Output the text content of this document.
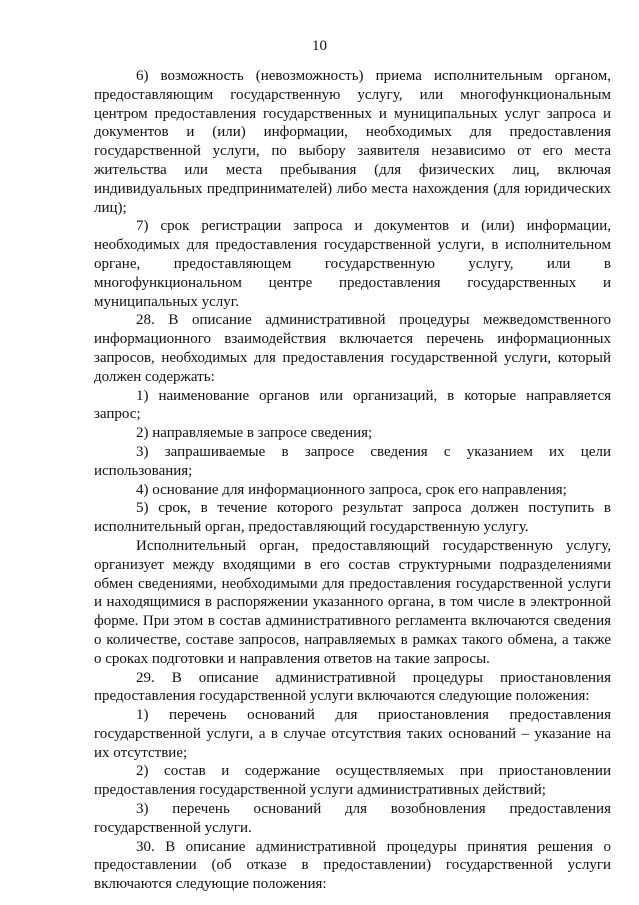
10

6) возможность (невозможность) приема исполнительным органом, предоставляющим государственную услугу, или многофункциональным центром предоставления государственных и муниципальных услуг запроса и документов и (или) информации, необходимых для предоставления государственной услуги, по выбору заявителя независимо от его места жительства или места пребывания (для физических лиц, включая индивидуальных предпринимателей) либо места нахождения (для юридических лиц);

7) срок регистрации запроса и документов и (или) информации, необходимых для предоставления государственной услуги, в исполнительном органе, предоставляющем государственную услугу, или в многофункциональном центре предоставления государственных и муниципальных услуг.

28. В описание административной процедуры межведомственного информационного взаимодействия включается перечень информационных запросов, необходимых для предоставления государственной услуги, который должен содержать:

1) наименование органов или организаций, в которые направляется запрос;

2) направляемые в запросе сведения;

3) запрашиваемые в запросе сведения с указанием их цели использования;

4) основание для информационного запроса, срок его направления;

5) срок, в течение которого результат запроса должен поступить в исполнительный орган, предоставляющий государственную услугу.

Исполнительный орган, предоставляющий государственную услугу, организует между входящими в его состав структурными подразделениями обмен сведениями, необходимыми для предоставления государственной услуги и находящимися в распоряжении указанного органа, в том числе в электронной форме. При этом в состав административного регламента включаются сведения о количестве, составе запросов, направляемых в рамках такого обмена, а также о сроках подготовки и направления ответов на такие запросы.

29. В описание административной процедуры приостановления предоставления государственной услуги включаются следующие положения:

1) перечень оснований для приостановления предоставления государственной услуги, а в случае отсутствия таких оснований – указание на их отсутствие;

2) состав и содержание осуществляемых при приостановлении предоставления государственной услуги административных действий;

3) перечень оснований для возобновления предоставления государственной услуги.

30. В описание административной процедуры принятия решения о предоставлении (об отказе в предоставлении) государственной услуги включаются следующие положения:
